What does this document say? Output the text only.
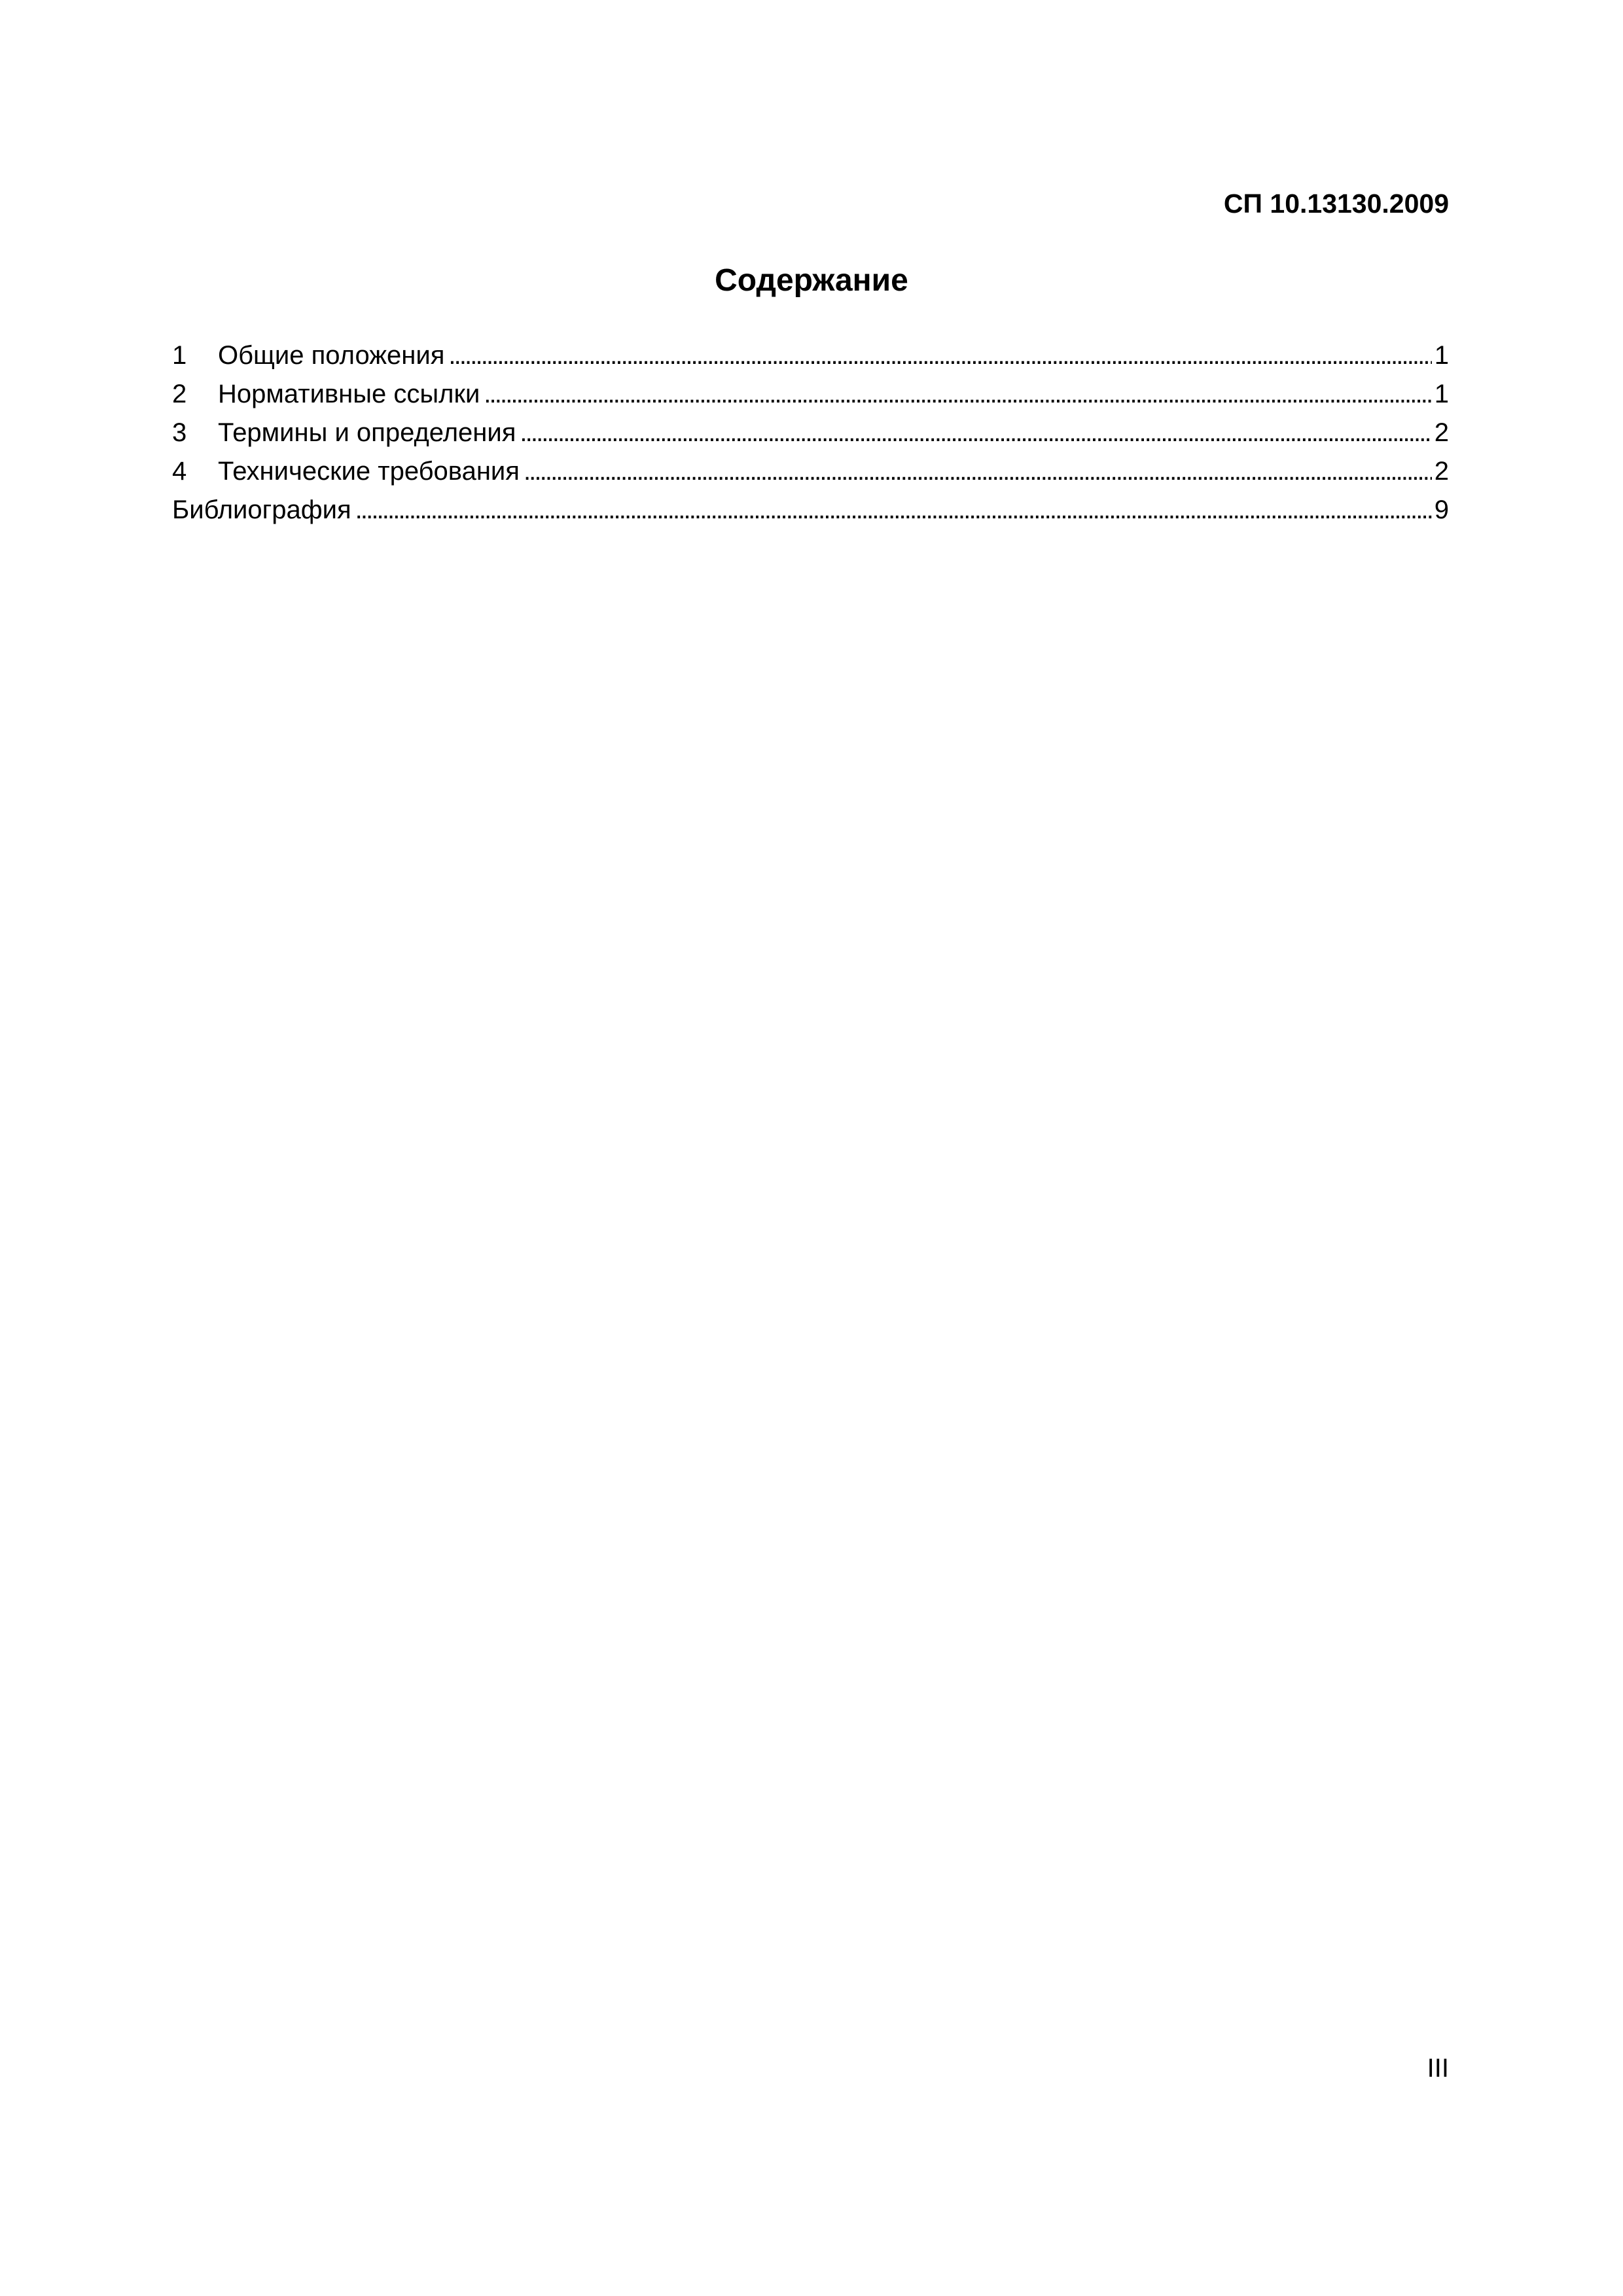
СП 10.13130.2009
Содержание
1	Общие положения . . .	1
2	Нормативные ссылки . . .	1
3	Термины и определения . . .	2
4	Технические требования . . .	2
Библиография . . .	9
III
